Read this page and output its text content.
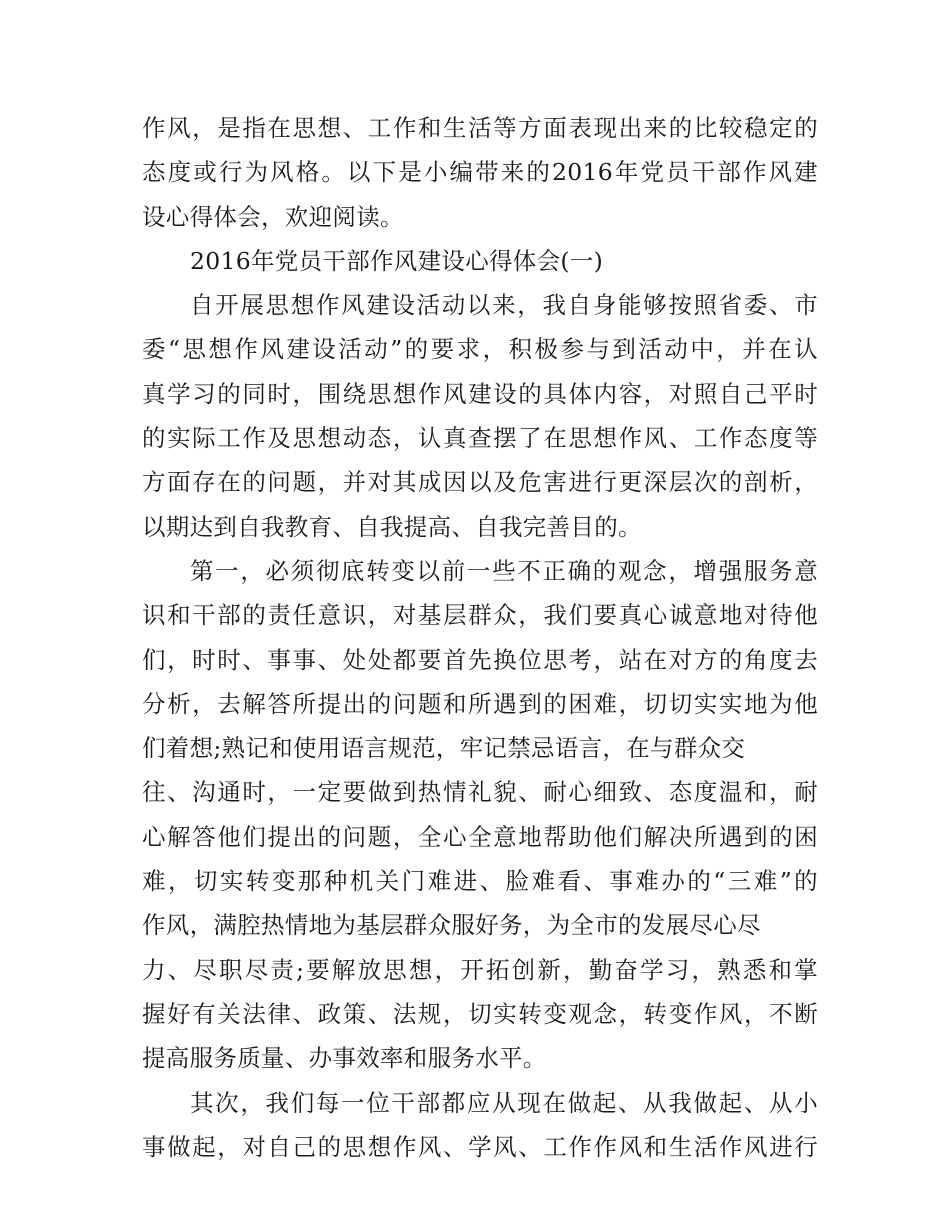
作风，是指在思想、工作和生活等方面表现出来的比较稳定的
态度或行为风格。以下是小编带来的2016年党员干部作风建
设心得体会，欢迎阅读。
2016年党员干部作风建设心得体会(一)
自开展思想作风建设活动以来，我自身能够按照省委、市
委“思想作风建设活动”的要求，积极参与到活动中，并在认
真学习的同时，围绕思想作风建设的具体内容，对照自己平时
的实际工作及思想动态，认真查摆了在思想作风、工作态度等
方面存在的问题，并对其成因以及危害进行更深层次的剖析，
以期达到自我教育、自我提高、自我完善目的。
第一，必须彻底转变以前一些不正确的观念，增强服务意
识和干部的责任意识，对基层群众，我们要真心诚意地对待他
们，时时、事事、处处都要首先换位思考，站在对方的角度去
分析，去解答所提出的问题和所遇到的困难，切切实实地为他
们着想;熟记和使用语言规范，牢记禁忌语言，在与群众交
往、沟通时，一定要做到热情礼貌、耐心细致、态度温和，耐
心解答他们提出的问题，全心全意地帮助他们解决所遇到的困
难，切实转变那种机关门难进、脸难看、事难办的“三难”的
作风，满腔热情地为基层群众服好务，为全市的发展尽心尽
力、尽职尽责;要解放思想，开拓创新，勤奋学习，熟悉和掌
握好有关法律、政策、法规，切实转变观念，转变作风，不断
提高服务质量、办事效率和服务水平。
其次，我们每一位干部都应从现在做起、从我做起、从小
事做起，对自己的思想作风、学风、工作作风和生活作风进行
